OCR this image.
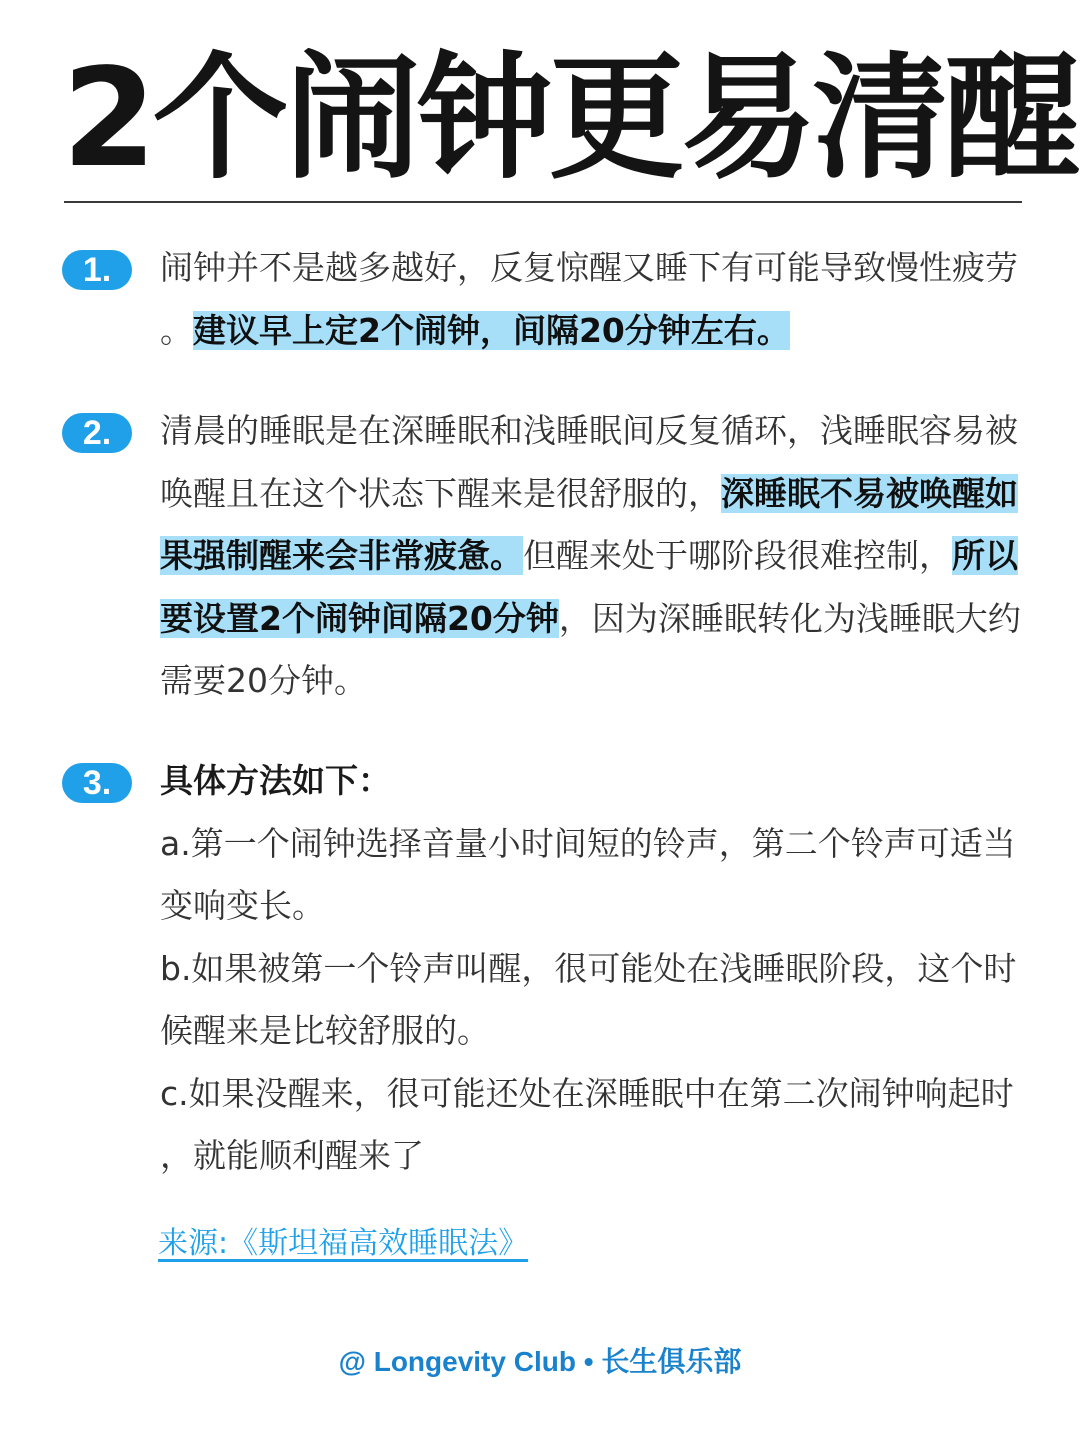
2个闹钟更易清醒
1.	闹钟并不是越多越好，反复惊醒又睡下有可能导致慢性疲劳。建议早上定2个闹钟，间隔20分钟左右。
2.	清晨的睡眠是在深睡眠和浅睡眠间反复循环，浅睡眠容易被唤醒且在这个状态下醒来是很舒服的，深睡眠不易被唤醒如果强制醒来会非常疲惫。但醒来处于哪阶段很难控制，所以要设置2个闹钟间隔20分钟，因为深睡眠转化为浅睡眠大约需要20分钟。
3.	具体方法如下：
a.第一个闹钟选择音量小时间短的铃声，第二个铃声可适当变响变长。
b.如果被第一个铃声叫醒，很可能处在浅睡眠阶段，这个时候醒来是比较舒服的。
c.如果没醒来，很可能还处在深睡眠中在第二次闹钟响起时，就能顺利醒来了
来源:《斯坦福高效睡眠法》
@ Longevity Club • 长生俱乐部
